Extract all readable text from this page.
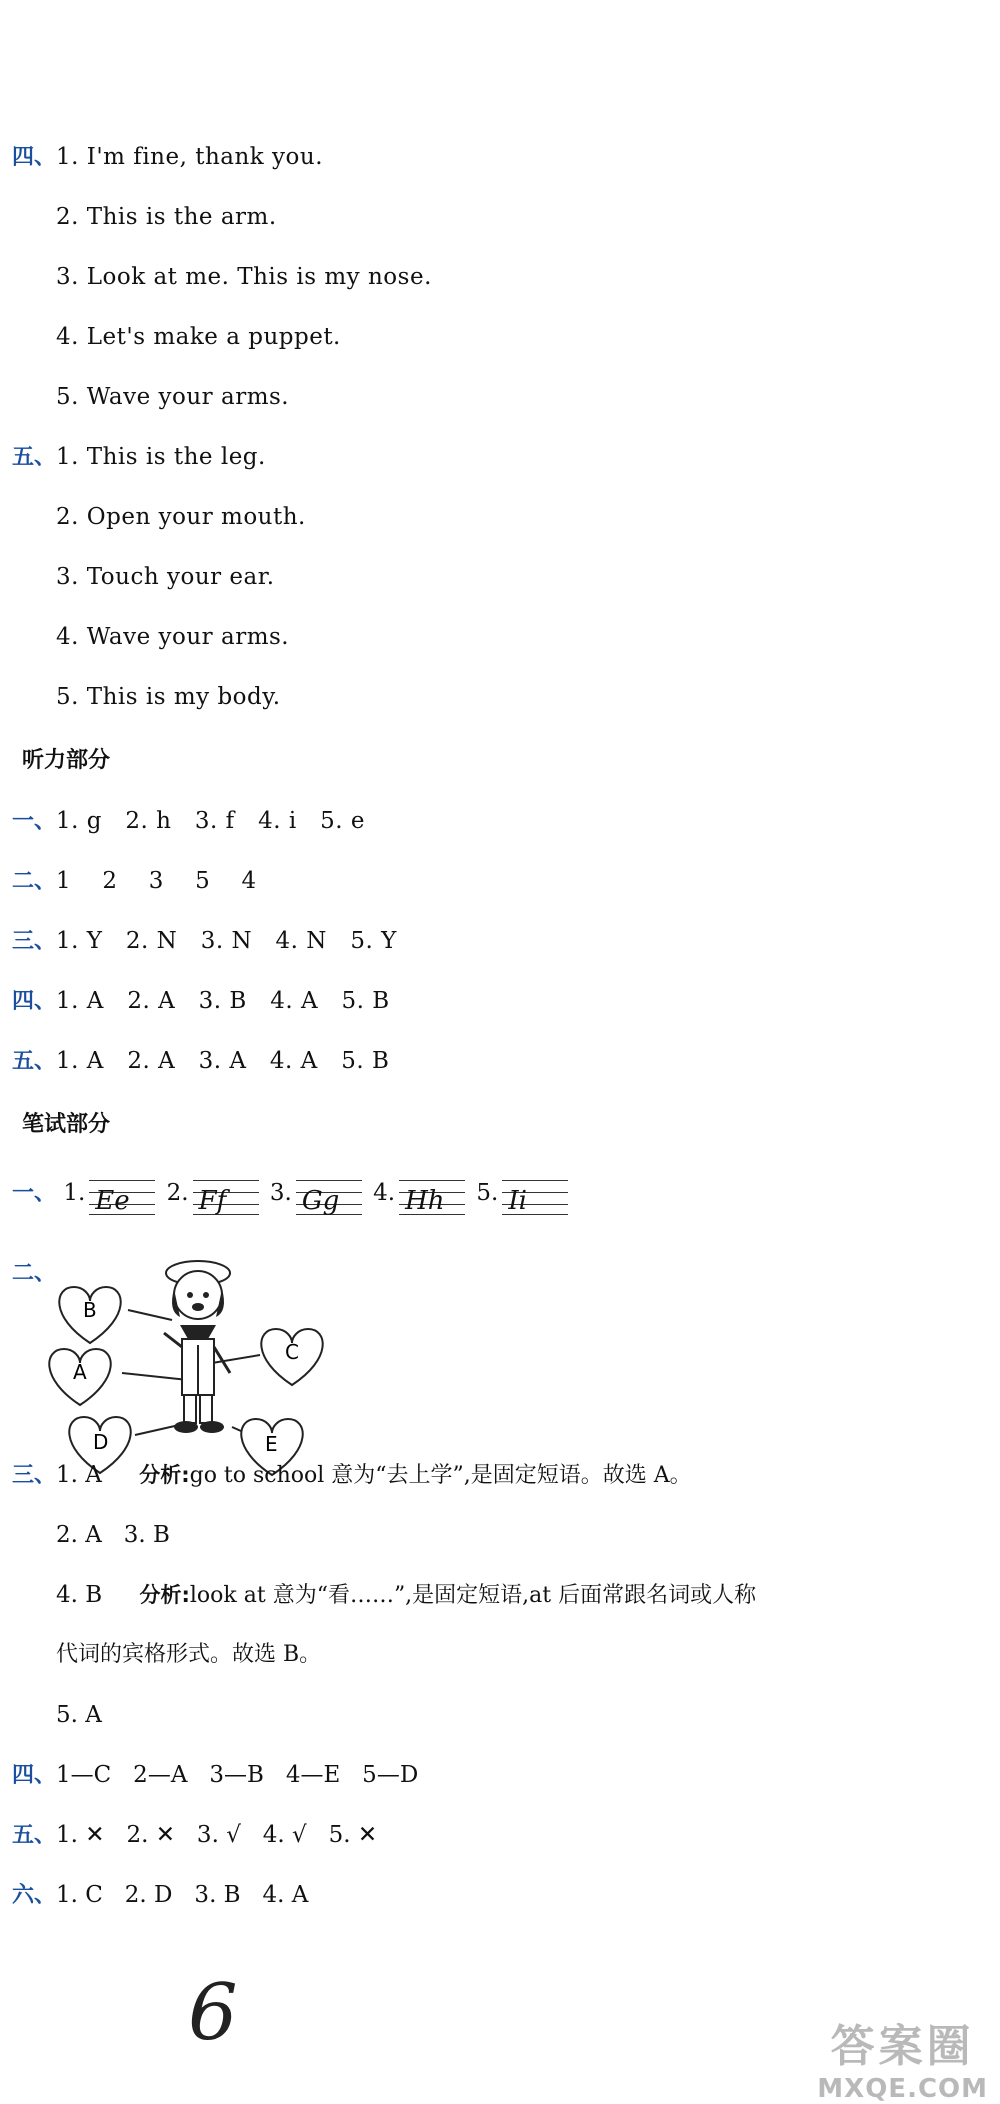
四、1. I'm fine, thank you.
2. This is the arm.
3. Look at me. This is my nose.
4. Let's make a puppet.
5. Wave your arms.
五、1. This is the leg.
2. Open your mouth.
3. Touch your ear.
4. Wave your arms.
5. This is my body.
听力部分
一、1. g   2. h   3. f   4. i   5. e
二、1    2    3    5    4
三、1. Y   2. N   3. N   4. N   5. Y
四、1. A   2. A   3. B   4. A   5. B
五、1. A   2. A   3. A   4. A   5. B
笔试部分
一、 1. Ee 2. Ff 3. Gg 4. Hh 5. Ii
二、
B
A
D
C
E
三、1. A 分析:go to school 意为“去上学”,是固定短语。故选 A。
2. A   3. B
4. B 分析:look at 意为“看……”,是固定短语,at 后面常跟名词或人称
代词的宾格形式。故选 B。
5. A
四、1—C   2—A   3—B   4—E   5—D
五、1. ✕   2. ✕   3. √   4. √   5. ✕
六、1. C   2. D   3. B   4. A
6	答案圈
MXQE.COM
